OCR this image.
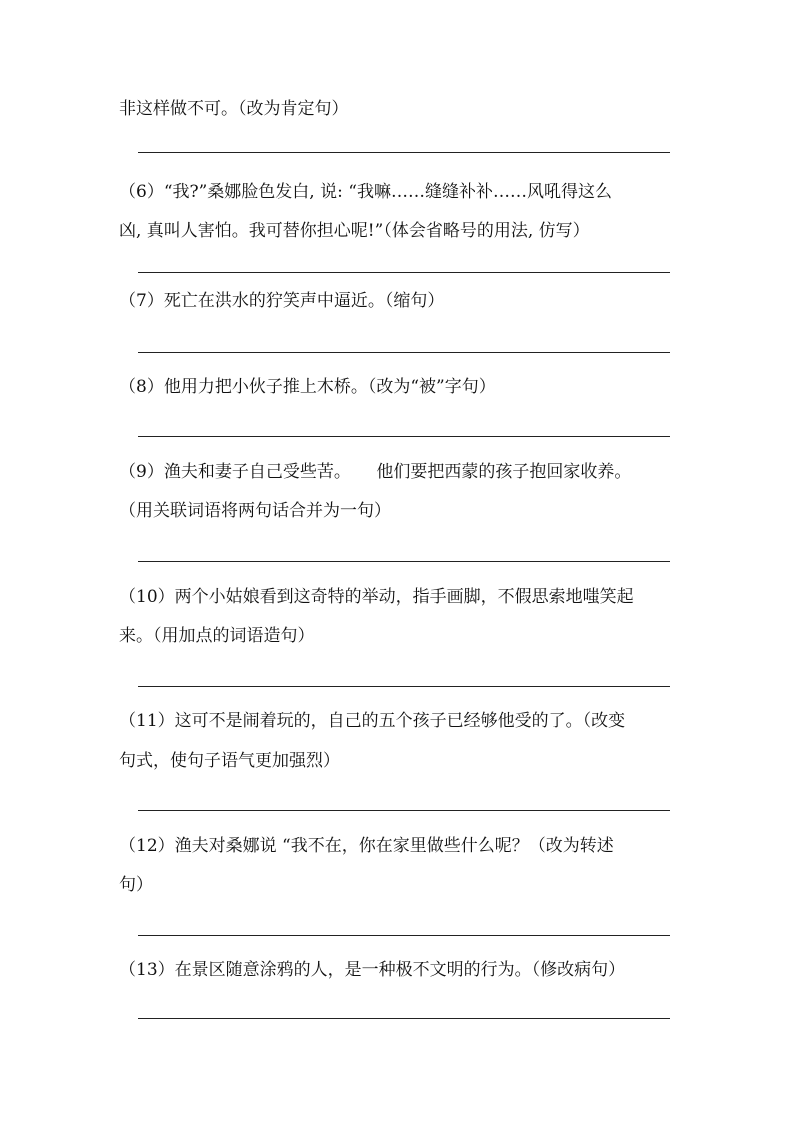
非这样做不可。（改为肯定句）
（6）“我?”桑娜脸色发白, 说: “我嘛……缝缝补补……风吼得这么
凶, 真叫人害怕。我可替你担心呢!”（体会省略号的用法, 仿写）
（7）死亡在洪水的狞笑声中逼近。（缩句）
（8）他用力把小伙子推上木桥。（改为“被”字句）
（9）渔夫和妻子自己受些苦。　　他们要把西蒙的孩子抱回家收养。
（用关联词语将两句话合并为一句）
（10）两个小姑娘看到这奇特的举动，指手画脚，不假思索地嗤笑起
来。（用加点的词语造句）
（11）这可不是闹着玩的，自己的五个孩子已经够他受的了。（改变
句式，使句子语气更加强烈）
（12）渔夫对桑娜说 “我不在，你在家里做些什么呢？（改为转述
句）
（13）在景区随意涂鸦的人，是一种极不文明的行为。（修改病句）
